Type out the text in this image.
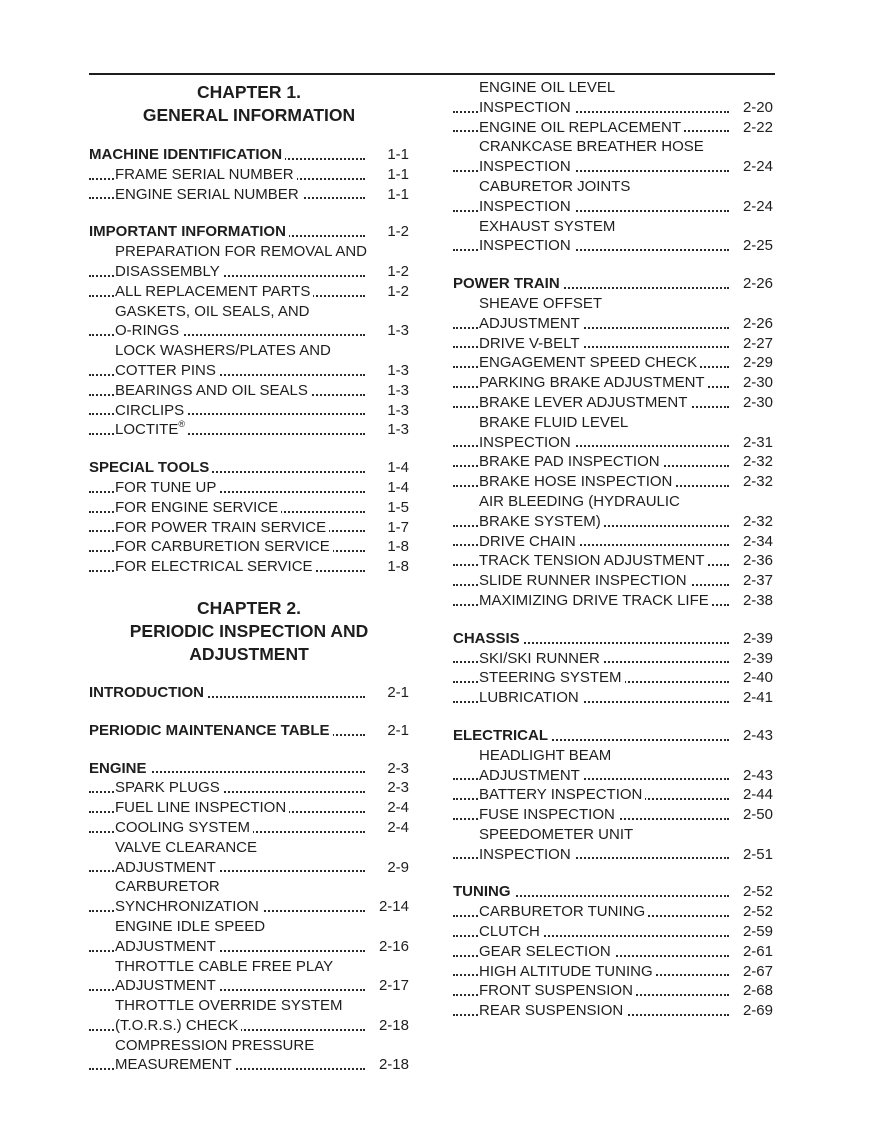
CHAPTER 1.
GENERAL INFORMATION
MACHINE IDENTIFICATION	1-1
FRAME SERIAL NUMBER	1-1
ENGINE SERIAL NUMBER	1-1
IMPORTANT INFORMATION	1-2
PREPARATION FOR REMOVAL AND
DISASSEMBLY	1-2
ALL REPLACEMENT PARTS	1-2
GASKETS, OIL SEALS, AND
O-RINGS	1-3
LOCK WASHERS/PLATES AND
COTTER PINS	1-3
BEARINGS AND OIL SEALS	1-3
CIRCLIPS	1-3
LOCTITE®	1-3
SPECIAL TOOLS	1-4
FOR TUNE UP	1-4
FOR ENGINE SERVICE	1-5
FOR POWER TRAIN SERVICE	1-7
FOR CARBURETION SERVICE	1-8
FOR ELECTRICAL SERVICE	1-8
CHAPTER 2.
PERIODIC INSPECTION AND
ADJUSTMENT
INTRODUCTION	2-1
PERIODIC MAINTENANCE TABLE	2-1
ENGINE	2-3
SPARK PLUGS	2-3
FUEL LINE INSPECTION	2-4
COOLING SYSTEM	2-4
VALVE CLEARANCE
ADJUSTMENT	2-9
CARBURETOR
SYNCHRONIZATION	2-14
ENGINE IDLE SPEED
ADJUSTMENT	2-16
THROTTLE CABLE FREE PLAY
ADJUSTMENT	2-17
THROTTLE OVERRIDE SYSTEM
(T.O.R.S.) CHECK	2-18
COMPRESSION PRESSURE
MEASUREMENT	2-18
ENGINE OIL LEVEL
INSPECTION	2-20
ENGINE OIL REPLACEMENT	2-22
CRANKCASE BREATHER HOSE
INSPECTION	2-24
CABURETOR JOINTS
INSPECTION	2-24
EXHAUST SYSTEM
INSPECTION	2-25
POWER TRAIN	2-26
SHEAVE OFFSET
ADJUSTMENT	2-26
DRIVE V-BELT	2-27
ENGAGEMENT SPEED CHECK	2-29
PARKING BRAKE ADJUSTMENT	2-30
BRAKE LEVER ADJUSTMENT	2-30
BRAKE FLUID LEVEL
INSPECTION	2-31
BRAKE PAD INSPECTION	2-32
BRAKE HOSE INSPECTION	2-32
AIR BLEEDING (HYDRAULIC
BRAKE SYSTEM)	2-32
DRIVE CHAIN	2-34
TRACK TENSION ADJUSTMENT	2-36
SLIDE RUNNER INSPECTION	2-37
MAXIMIZING DRIVE TRACK LIFE	2-38
CHASSIS	2-39
SKI/SKI RUNNER	2-39
STEERING SYSTEM	2-40
LUBRICATION	2-41
ELECTRICAL	2-43
HEADLIGHT BEAM
ADJUSTMENT	2-43
BATTERY INSPECTION	2-44
FUSE INSPECTION	2-50
SPEEDOMETER UNIT
INSPECTION	2-51
TUNING	2-52
CARBURETOR TUNING	2-52
CLUTCH	2-59
GEAR SELECTION	2-61
HIGH ALTITUDE TUNING	2-67
FRONT SUSPENSION	2-68
REAR SUSPENSION	2-69
